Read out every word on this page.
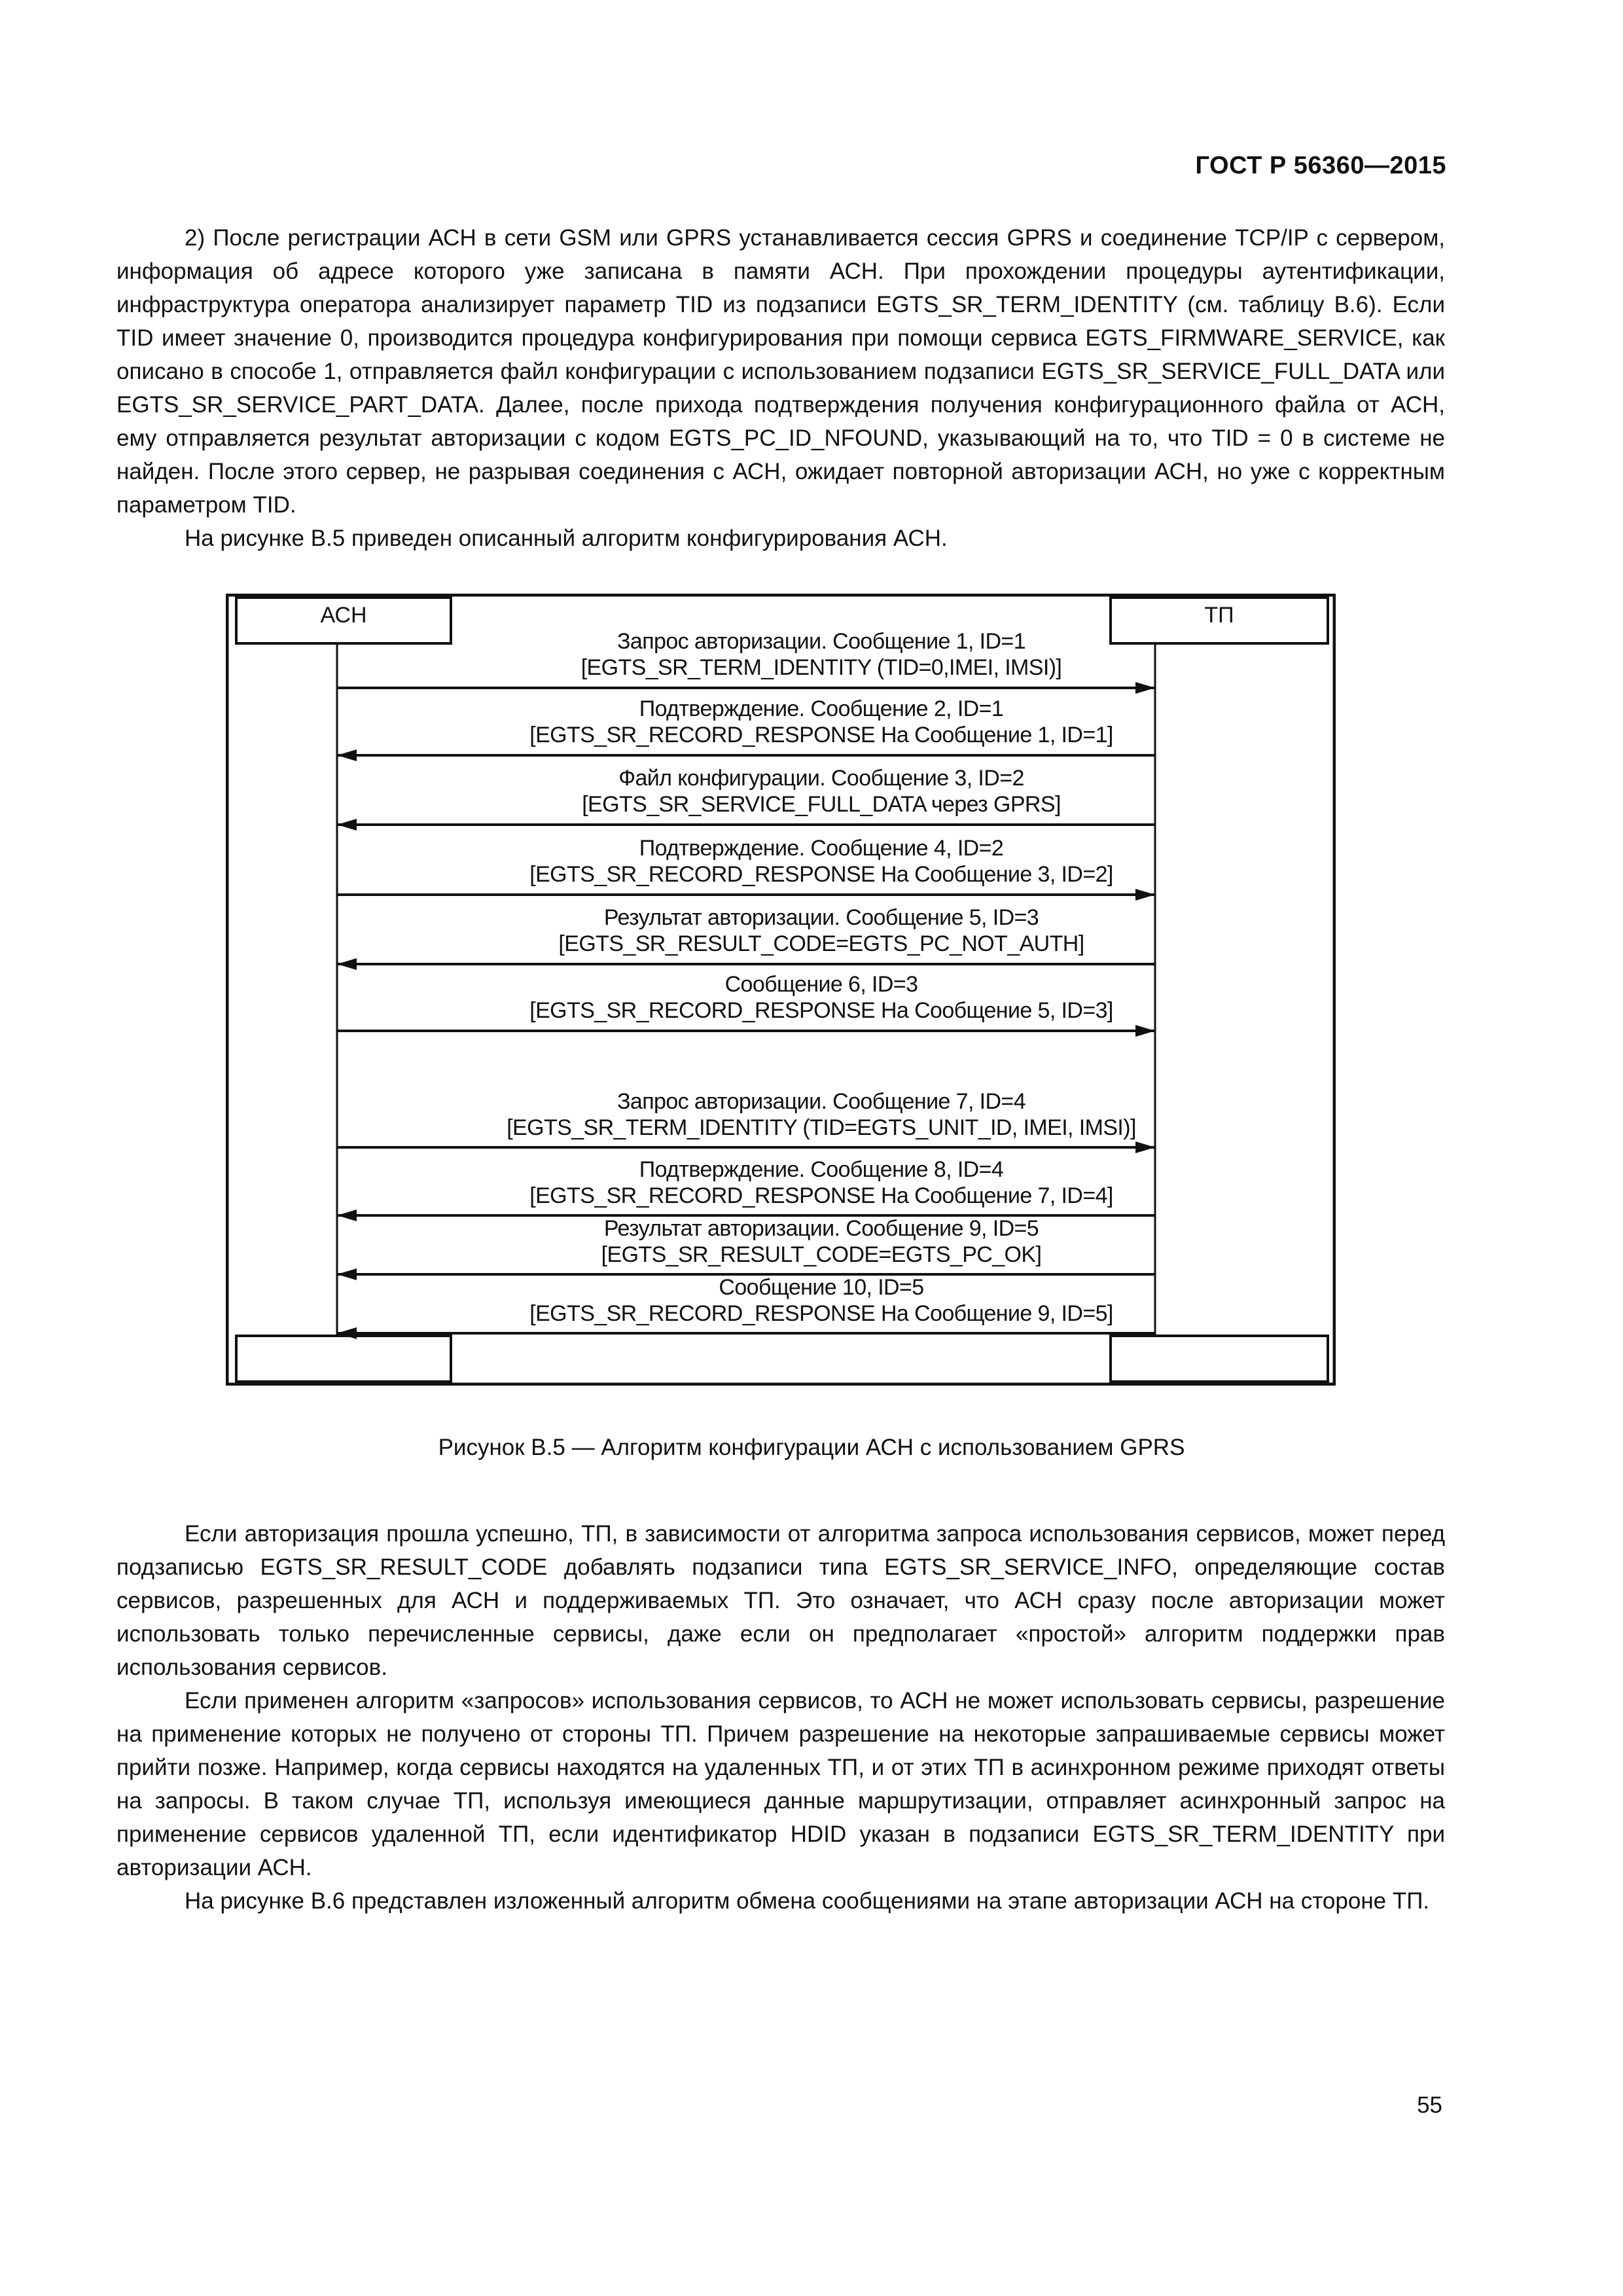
ГОСТ Р 56360—2015

2) После регистрации АСН в сети GSM или GPRS устанавливается сессия GPRS и соединение TCP/IP с сервером, информация об адресе которого уже записана в памяти АСН. При прохождении процедуры аутентификации, инфраструктура оператора анализирует параметр TID из подзаписи EGTS_SR_TERM_IDENTITY (см. таблицу В.6). Если TID имеет значение 0, производится процедура конфигурирования при помощи сервиса EGTS_FIRMWARE_SERVICE, как описано в способе 1, отправляется файл конфигурации с использованием подзаписи EGTS_SR_SERVICE_FULL_DATA или EGTS_SR_SERVICE_PART_DATA. Далее, после прихода подтверждения получения конфигурационного файла от АСН, ему отправляется результат авторизации с кодом EGTS_PC_ID_NFOUND, указывающий на то, что TID = 0 в системе не найден. После этого сервер, не разрывая соединения с АСН, ожидает повторной авторизации АСН, но уже с корректным параметром TID.

На рисунке В.5 приведен описанный алгоритм конфигурирования АСН.

АСН	ТП
Запрос авторизации. Сообщение 1, ID=1
[EGTS_SR_TERM_IDENTITY (TID=0,IMEI, IMSI)]
Подтверждение. Сообщение 2, ID=1
[EGTS_SR_RECORD_RESPONSE На Сообщение 1, ID=1]
Файл конфигурации. Сообщение 3, ID=2
[EGTS_SR_SERVICE_FULL_DATA через GPRS]
Подтверждение. Сообщение 4, ID=2
[EGTS_SR_RECORD_RESPONSE На Сообщение 3, ID=2]
Результат авторизации. Сообщение 5, ID=3
[EGTS_SR_RESULT_CODE=EGTS_PC_NOT_AUTH]
Сообщение 6, ID=3
[EGTS_SR_RECORD_RESPONSE На Сообщение 5, ID=3]
Запрос авторизации. Сообщение 7, ID=4
[EGTS_SR_TERM_IDENTITY (TID=EGTS_UNIT_ID, IMEI, IMSI)]
Подтверждение. Сообщение 8, ID=4
[EGTS_SR_RECORD_RESPONSE На Сообщение 7, ID=4]
Результат авторизации. Сообщение 9, ID=5
[EGTS_SR_RESULT_CODE=EGTS_PC_OK]
Сообщение 10, ID=5
[EGTS_SR_RECORD_RESPONSE На Сообщение 9, ID=5]
Рисунок В.5 — Алгоритм конфигурации АСН с использованием GPRS

Если авторизация прошла успешно, ТП, в зависимости от алгоритма запроса использования сервисов, может перед подзаписью EGTS_SR_RESULT_CODE добавлять подзаписи типа EGTS_SR_SERVICE_INFO, определяющие состав сервисов, разрешенных для АСН и поддерживаемых ТП. Это означает, что АСН сразу после авторизации может использовать только перечисленные сервисы, даже если он предполагает «простой» алгоритм поддержки прав использования сервисов.

Если применен алгоритм «запросов» использования сервисов, то АСН не может использовать сервисы, разрешение на применение которых не получено от стороны ТП. Причем разрешение на некоторые запрашиваемые сервисы может прийти позже. Например, когда сервисы находятся на удаленных ТП, и от этих ТП в асинхронном режиме приходят ответы на запросы. В таком случае ТП, используя имеющиеся данные маршрутизации, отправляет асинхронный запрос на применение сервисов удаленной ТП, если идентификатор HDID указан в подзаписи EGTS_SR_TERM_IDENTITY при авторизации АСН.

На рисунке В.6 представлен изложенный алгоритм обмена сообщениями на этапе авторизации АСН на стороне ТП.

55
